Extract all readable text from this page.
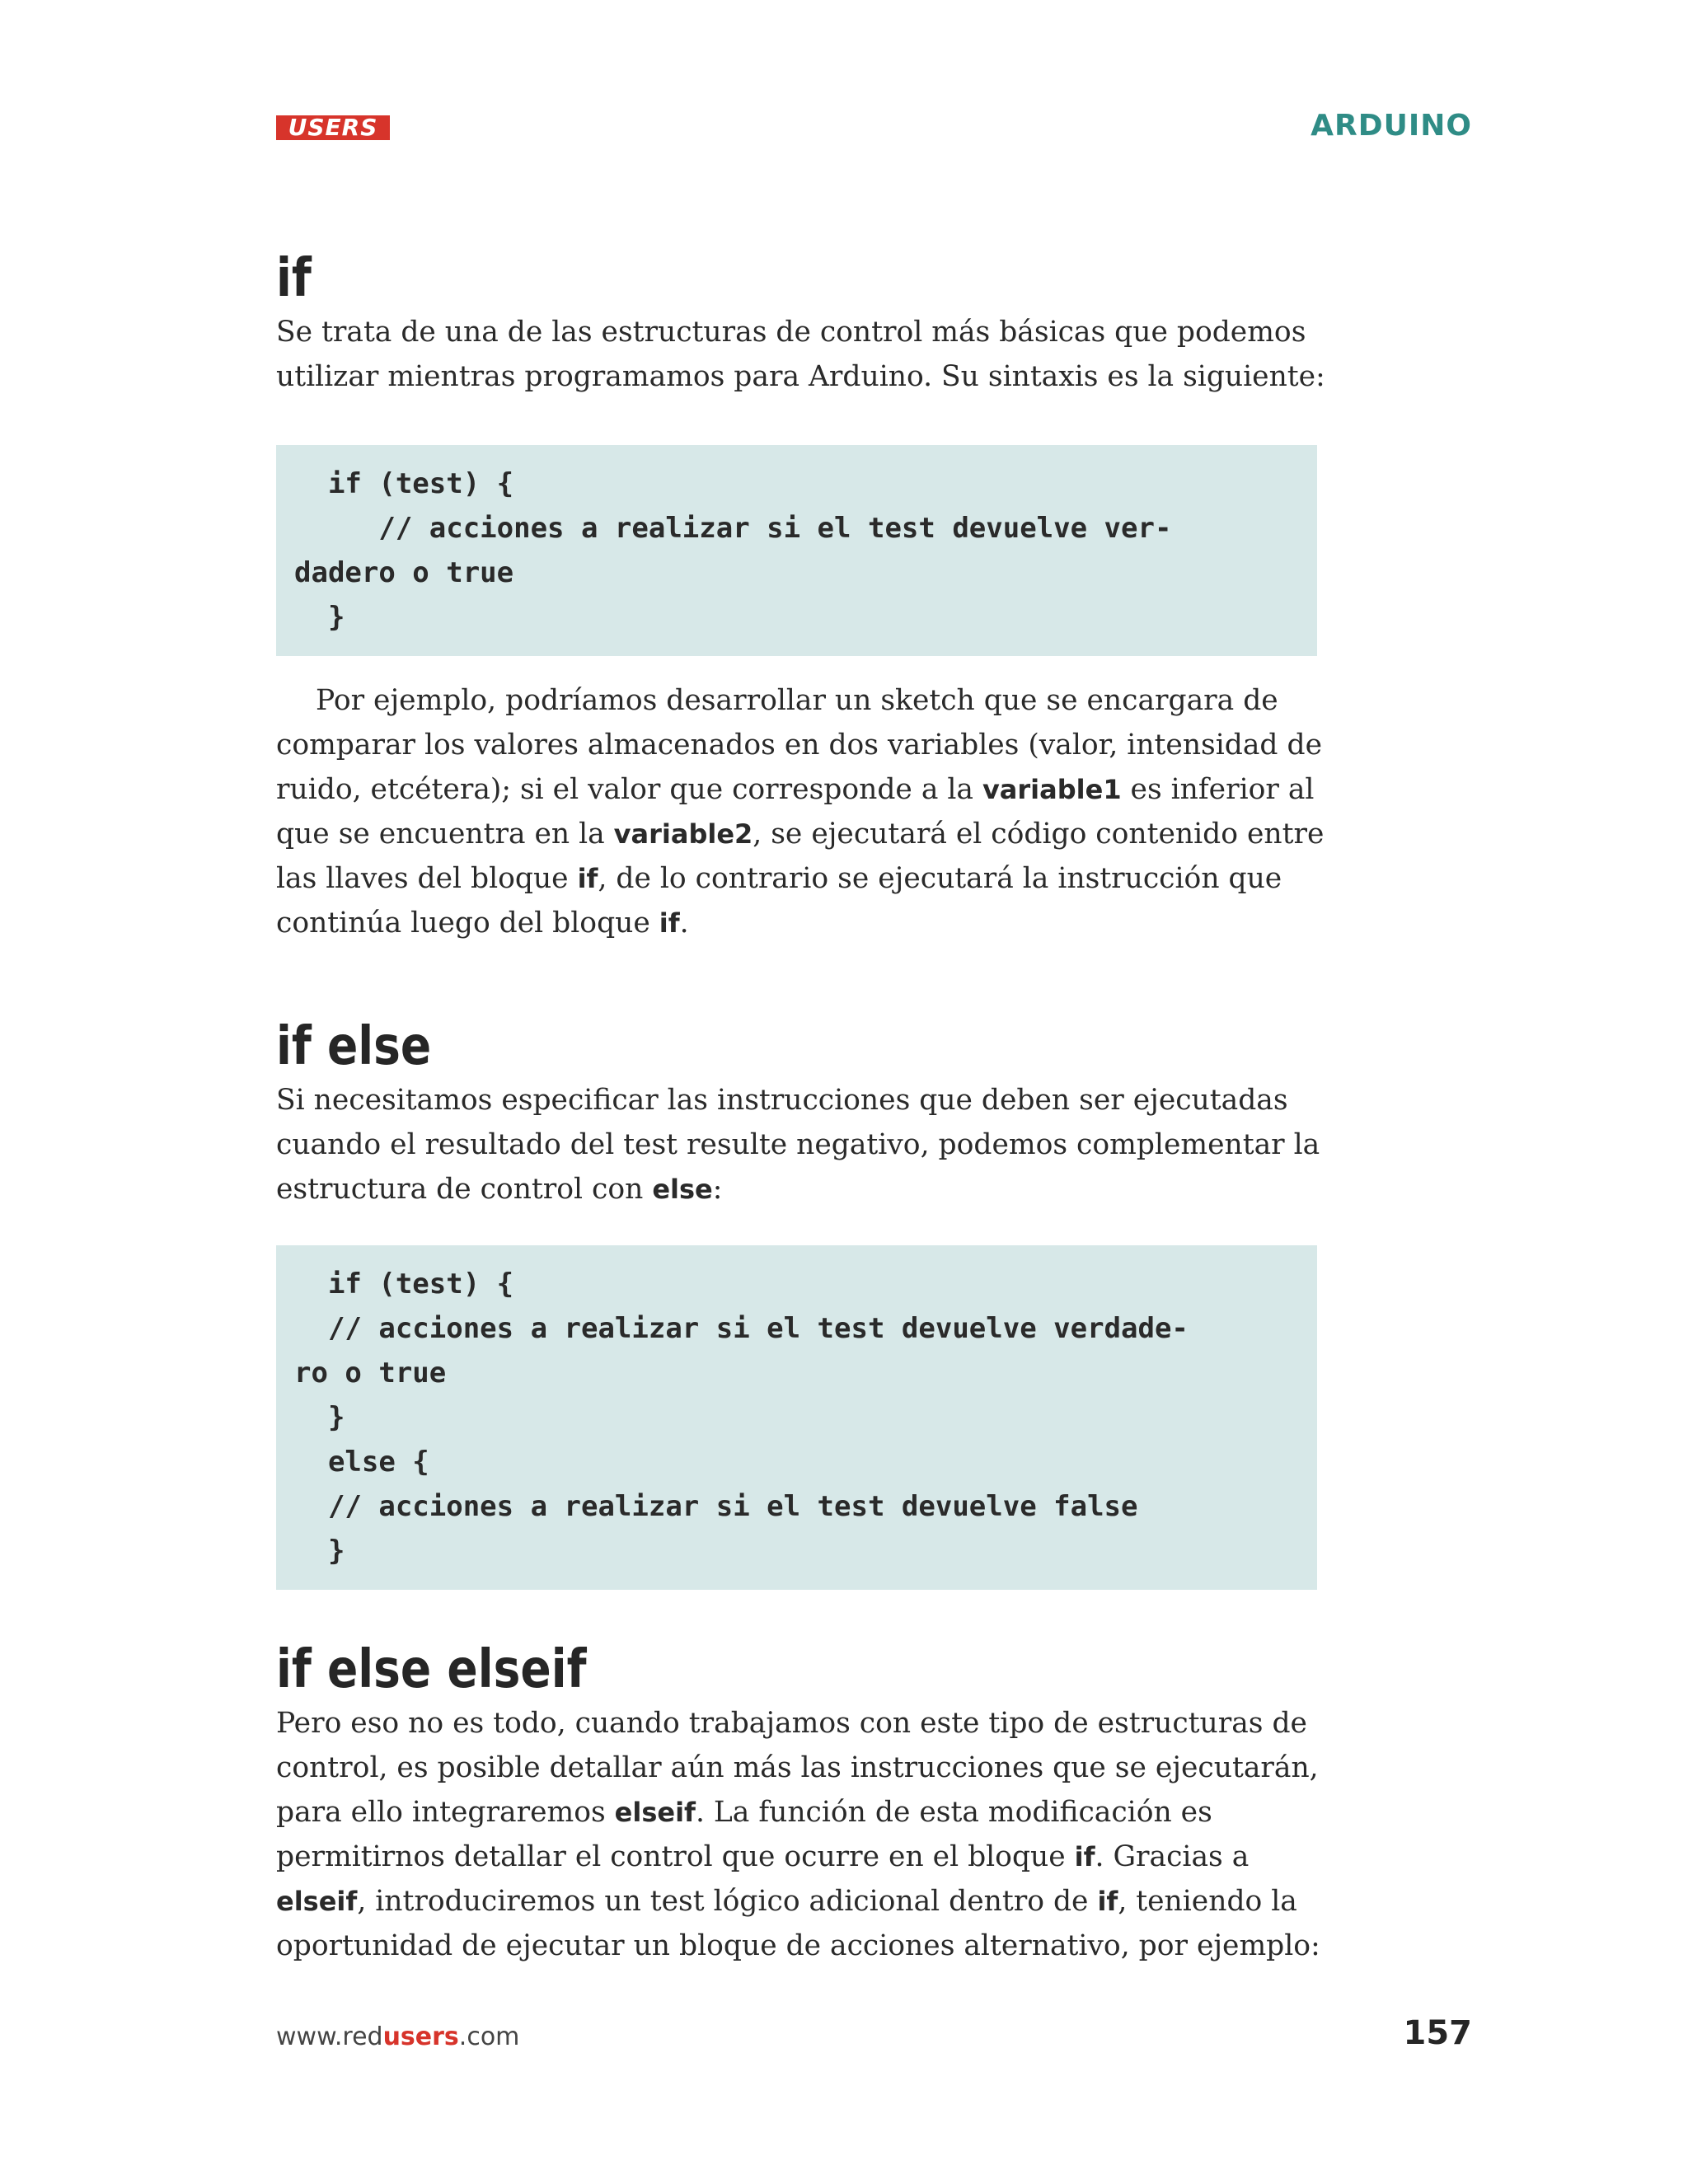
USERS	ARDUINO
if

Se trata de una de las estructuras de control más básicas que podemos utilizar mientras programamos para Arduino. Su sintaxis es la siguiente:

if (test) {
// acciones a realizar si el test devuelve ver-
dadero o true
}

Por ejemplo, podríamos desarrollar un sketch que se encargara de comparar los valores almacenados en dos variables (valor, intensidad de ruido, etcétera); si el valor que corresponde a la variable1 es inferior al que se encuentra en la variable2, se ejecutará el código contenido entre las llaves del bloque if, de lo contrario se ejecutará la instrucción que continúa luego del bloque if.

if else

Si necesitamos especificar las instrucciones que deben ser ejecutadas cuando el resultado del test resulte negativo, podemos complementar la estructura de control con else:

if (test) {
// acciones a realizar si el test devuelve verdade-
ro o true
}
else {
// acciones a realizar si el test devuelve false
}
if else elseif

Pero eso no es todo, cuando trabajamos con este tipo de estructuras de control, es posible detallar aún más las instrucciones que se ejecutarán, para ello integraremos elseif. La función de esta modificación es permitirnos detallar el control que ocurre en el bloque if. Gracias a elseif, introduciremos un test lógico adicional dentro de if, teniendo la oportunidad de ejecutar un bloque de acciones alternativo, por ejemplo:

www.redusers.com	157
